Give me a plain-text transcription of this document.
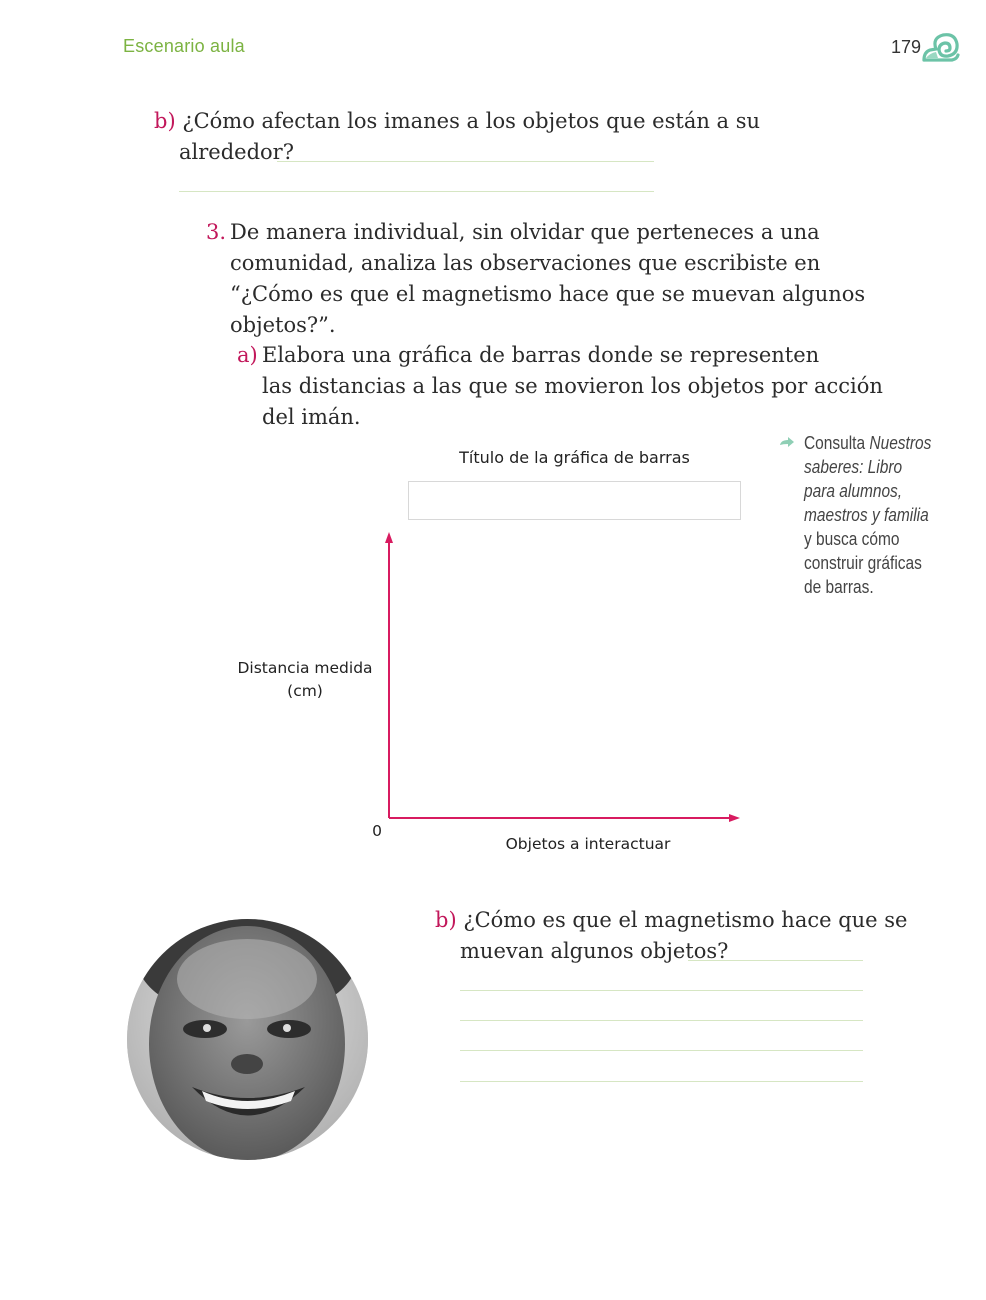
Escenario aula	179
b) ¿Cómo afectan los imanes a los objetos que están a su
alrededor?
3. De manera individual, sin olvidar que perteneces a una
comunidad, analiza las observaciones que escribiste en
“¿Cómo es que el magnetismo hace que se muevan algunos
objetos?”.
a) Elabora una gráfica de barras donde se representen
las distancias a las que se movieron los objetos por acción
del imán.
Consulta Nuestros
saberes: Libro
para alumnos,
maestros y familia
y busca cómo
construir gráficas
de barras.
Título de la gráfica de barras
Distancia medida
(cm)
0
Objetos a interactuar
b) ¿Cómo es que el magnetismo hace que se
muevan algunos objetos?
